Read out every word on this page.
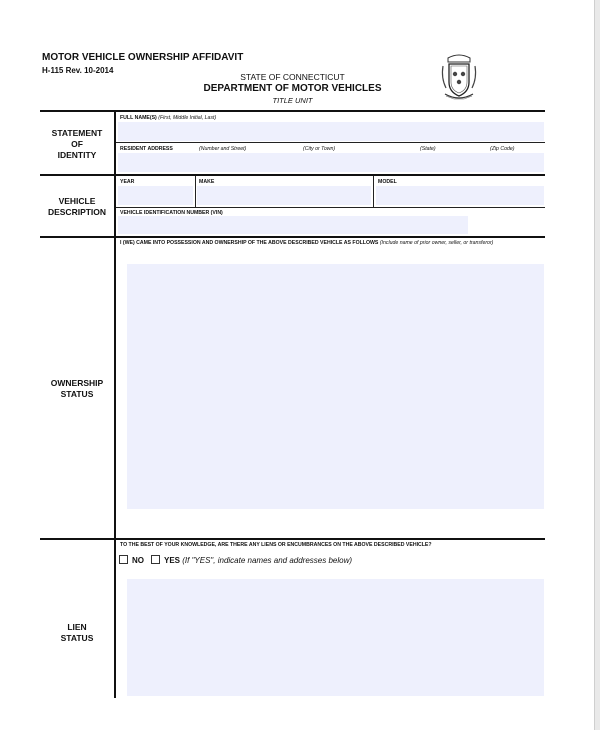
MOTOR VEHICLE OWNERSHIP AFFIDAVIT
H-115 Rev. 10-2014
STATE OF CONNECTICUT
DEPARTMENT OF MOTOR VEHICLES
TITLE UNIT
STATEMENT
OF
IDENTITY
FULL NAME(S) (First, Middle Initial, Last)
RESIDENT ADDRESS	(Number and Street)	(City or Town)	(State)	(Zip Code)
VEHICLE
DESCRIPTION
YEAR	MAKE	MODEL
VEHICLE IDENTIFICATION NUMBER (VIN)
OWNERSHIP
STATUS
I (WE) CAME INTO POSSESSION AND OWNERSHIP OF THE ABOVE DESCRIBED VEHICLE AS FOLLOWS (Include name of prior owner, seller, or transferor)
LIEN
STATUS
TO THE BEST OF YOUR KNOWLEDGE, ARE THERE ANY LIENS OR ENCUMBRANCES ON THE ABOVE DESCRIBED VEHICLE?
NO	YES (If "YES", indicate names and addresses below)
